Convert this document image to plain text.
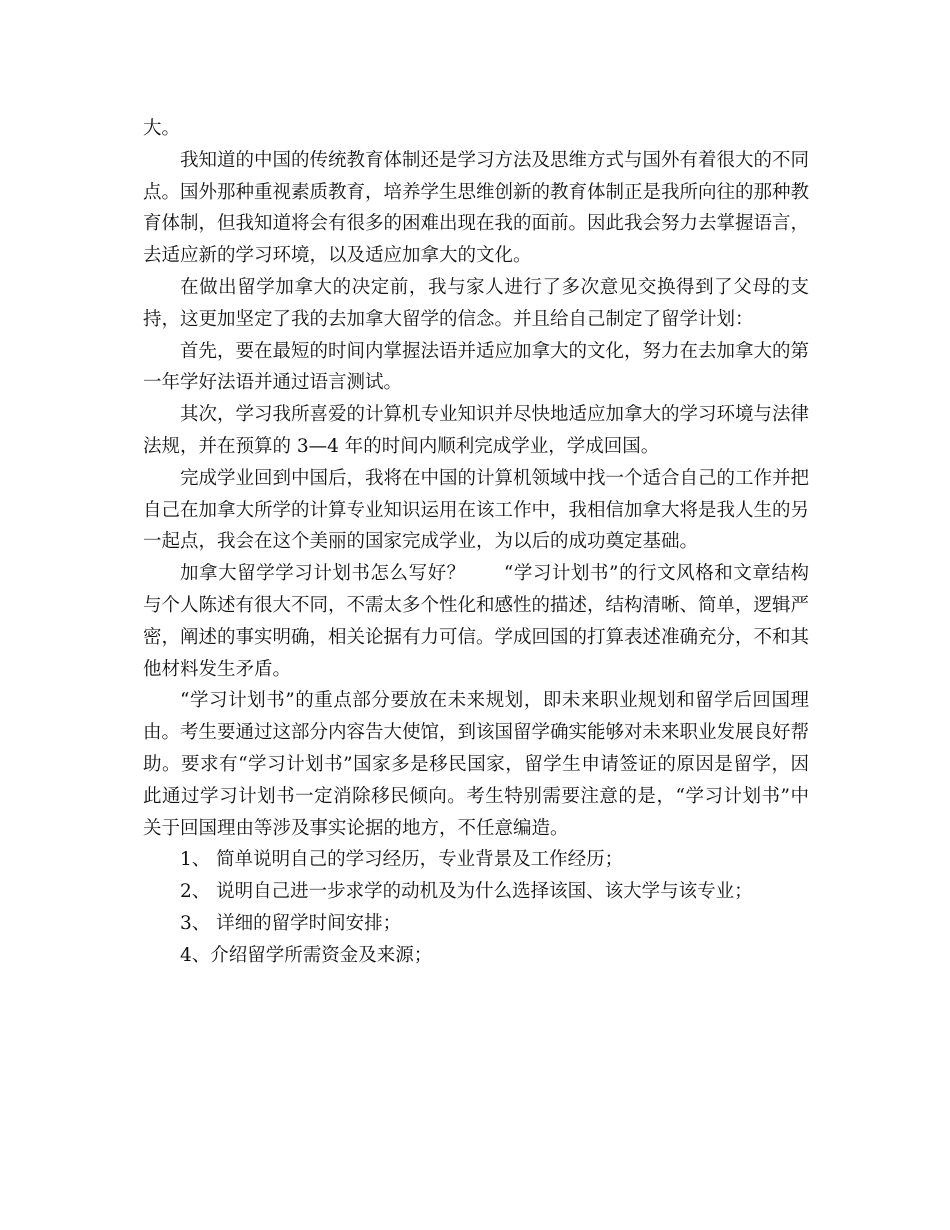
大。

我知道的中国的传统教育体制还是学习方法及思维方式与国外有着很大的不同点。国外那种重视素质教育，培养学生思维创新的教育体制正是我所向往的那种教育体制，但我知道将会有很多的困难出现在我的面前。因此我会努力去掌握语言，去适应新的学习环境，以及适应加拿大的文化。

在做出留学加拿大的决定前，我与家人进行了多次意见交换得到了父母的支持，这更加坚定了我的去加拿大留学的信念。并且给自己制定了留学计划：

首先，要在最短的时间内掌握法语并适应加拿大的文化，努力在去加拿大的第一年学好法语并通过语言测试。

其次，学习我所喜爱的计算机专业知识并尽快地适应加拿大的学习环境与法律法规，并在预算的 3—4 年的时间内顺利完成学业，学成回国。

完成学业回到中国后，我将在中国的计算机领域中找一个适合自己的工作并把自己在加拿大所学的计算专业知识运用在该工作中，我相信加拿大将是我人生的另一起点，我会在这个美丽的国家完成学业，为以后的成功奠定基础。

加拿大留学学习计划书怎么写好？　　“学习计划书”的行文风格和文章结构与个人陈述有很大不同，不需太多个性化和感性的描述，结构清晰、简单，逻辑严密，阐述的事实明确，相关论据有力可信。学成回国的打算表述准确充分，不和其他材料发生矛盾。

“学习计划书”的重点部分要放在未来规划，即未来职业规划和留学后回国理由。考生要通过这部分内容告大使馆，到该国留学确实能够对未来职业发展良好帮助。要求有“学习计划书”国家多是移民国家，留学生申请签证的原因是留学，因此通过学习计划书一定消除移民倾向。考生特别需要注意的是，“学习计划书”中关于回国理由等涉及事实论据的地方，不任意编造。

1、 简单说明自己的学习经历，专业背景及工作经历；

2、 说明自己进一步求学的动机及为什么选择该国、该大学与该专业；

3、 详细的留学时间安排；

4、介绍留学所需资金及来源；
